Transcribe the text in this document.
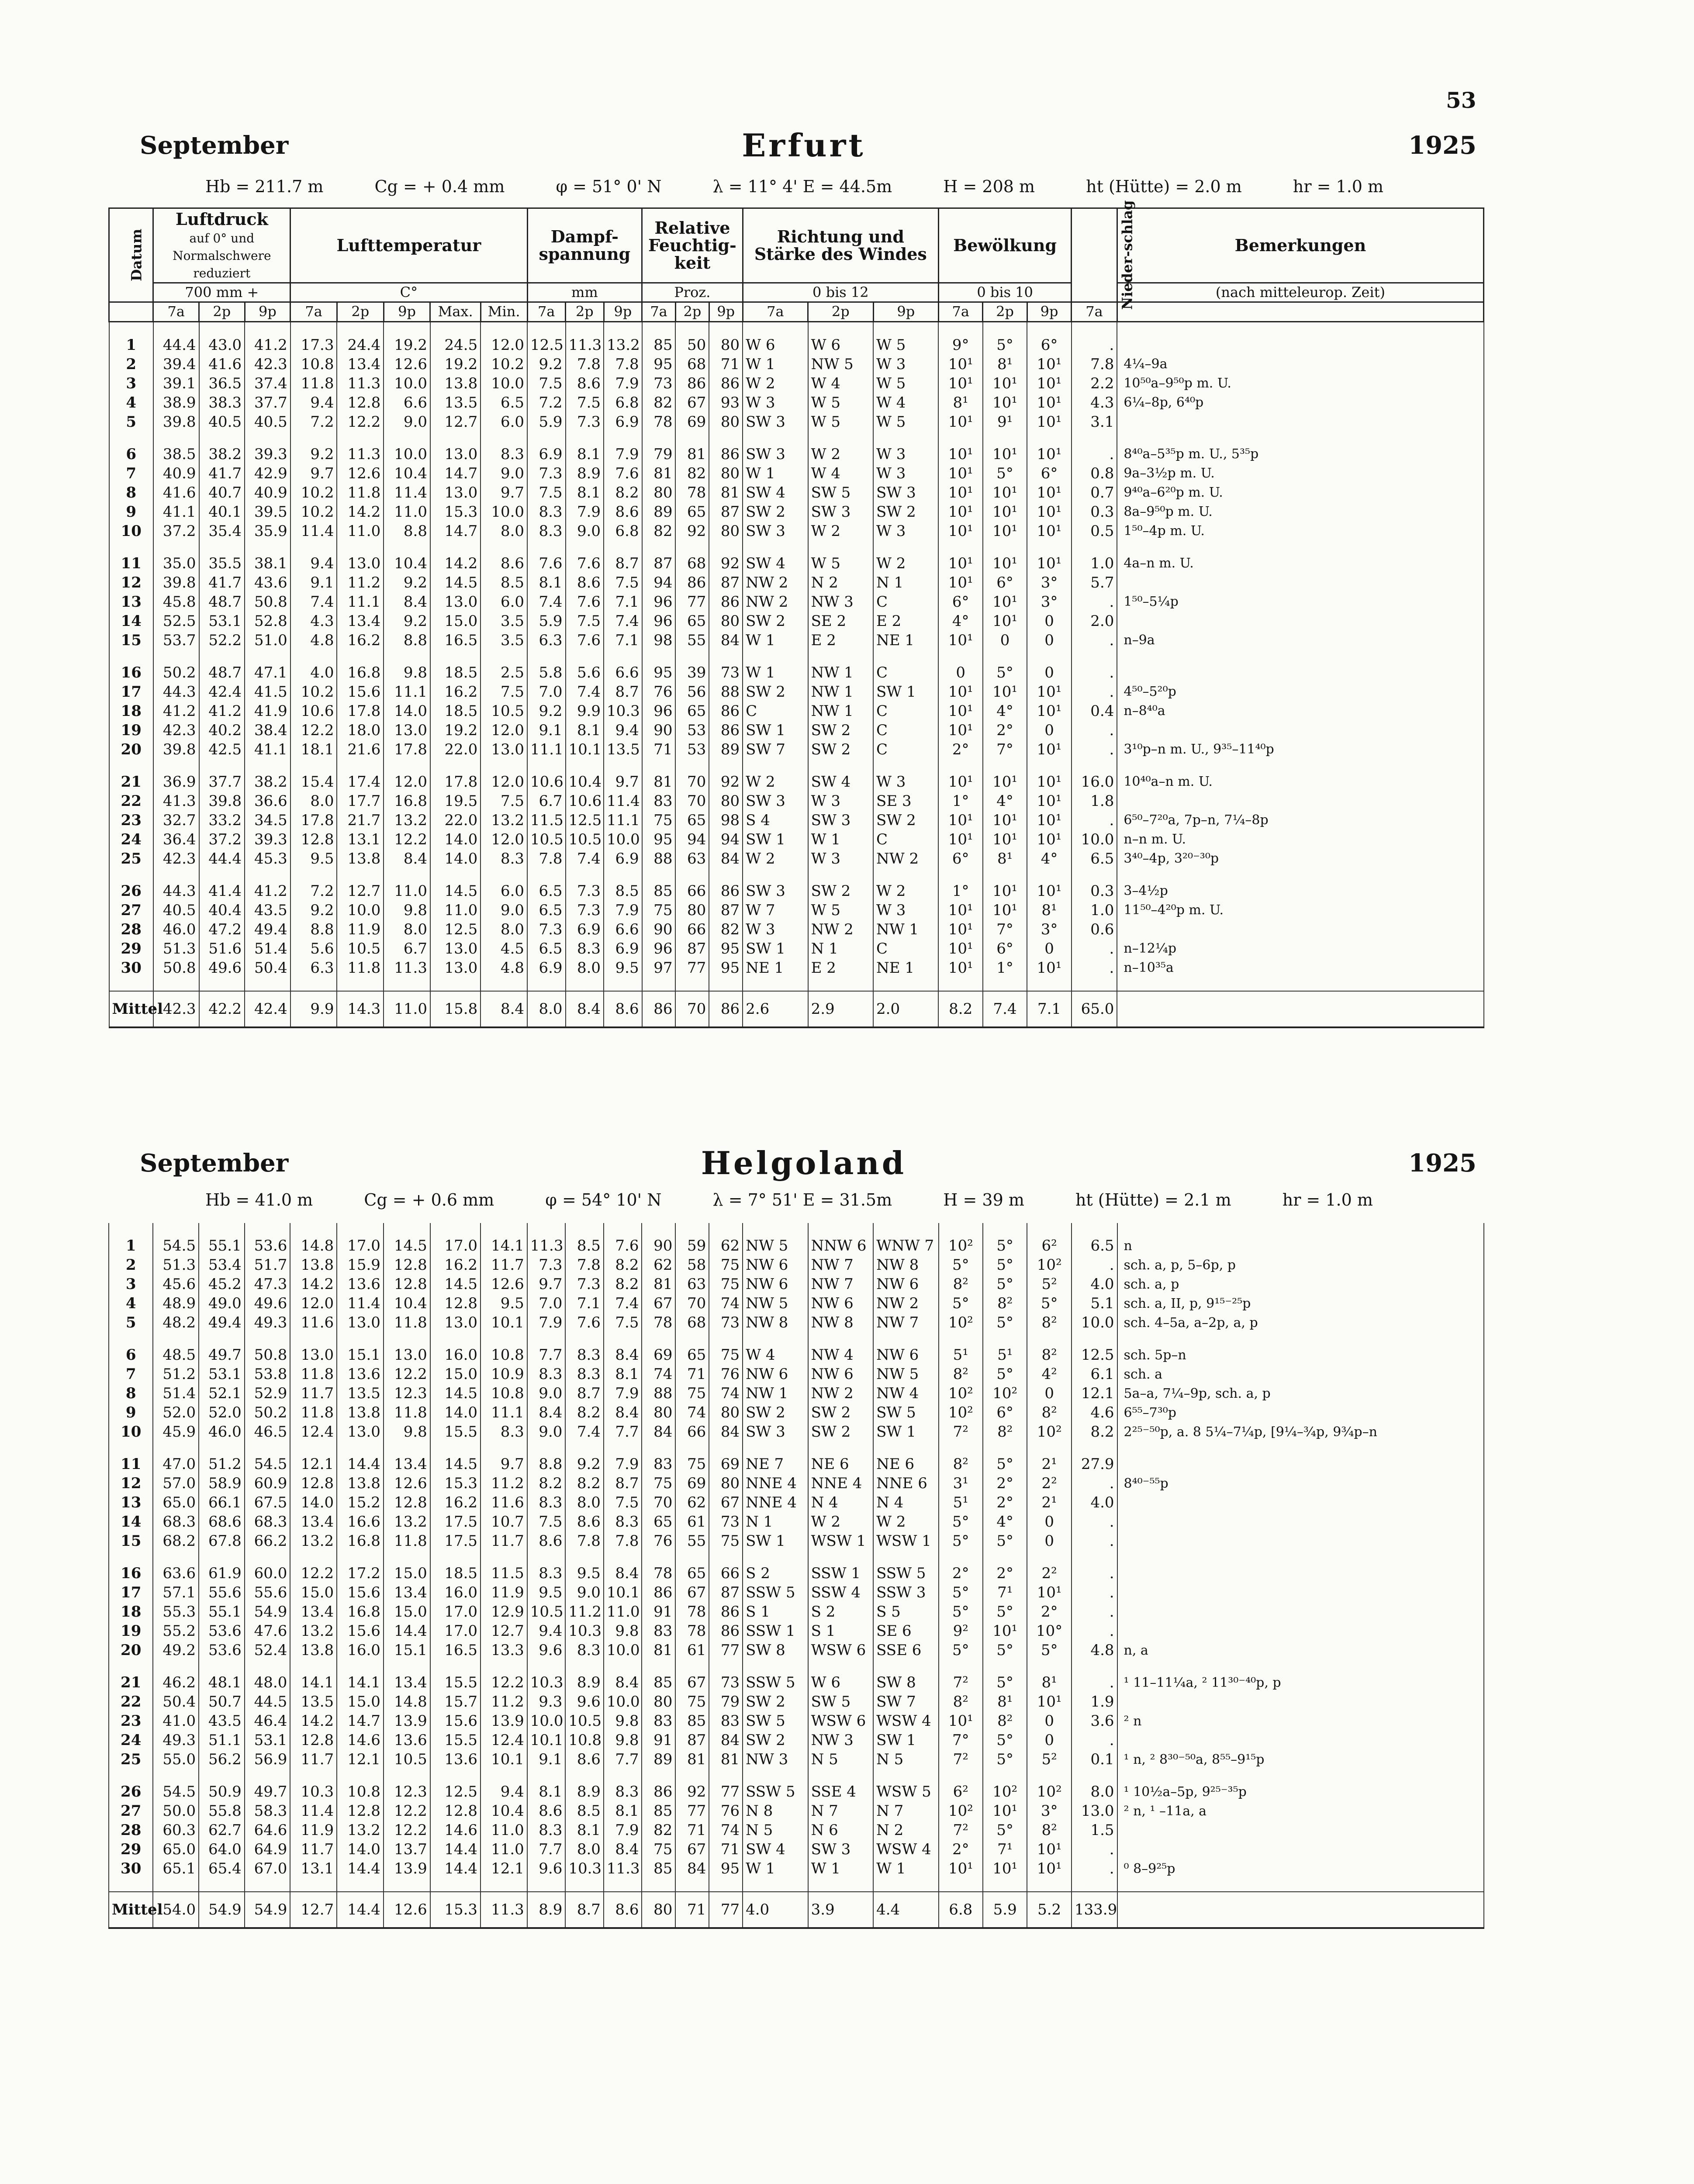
53
September	Erfurt	1925
Hb = 211.7 m	Cg = + 0.4 mm	φ = 51° 0' N	λ = 11° 4' E = 44.5m	H = 208 m	ht (Hütte) = 2.0 m	hr = 1.0 m
Datum	Luftdruck
auf 0° und Normalschwere reduziert			Lufttemperatur					Dampf-spannung			Relative Feuchtig-keit			Richtung und Stärke des Windes			Bewölkung			Nieder-schlag	Bemerkungen
	700 mm +			C°					mm			Proz.			0 bis 12			0 bis 10				(nach mitteleurop. Zeit)
	7a	2p	9p	7a	2p	9p	Max.	Min.	7a	2p	9p	7a	2p	9p	7a	2p	9p	7a	2p	9p	7a	

1	44.4	43.0	41.2	17.3	24.4	19.2	24.5	12.0	12.5	11.3	13.2	85	50	80	W 6	W 6	W 5	9°	5°	6°	.	
2	39.4	41.6	42.3	10.8	13.4	12.6	19.2	10.2	9.2	7.8	7.8	95	68	71	W 1	NW 5	W 3	10¹	8¹	10¹	7.8	4¼–9a
3	39.1	36.5	37.4	11.8	11.3	10.0	13.8	10.0	7.5	8.6	7.9	73	86	86	W 2	W 4	W 5	10¹	10¹	10¹	2.2	10⁵⁰a–9⁵⁰p m. U.
4	38.9	38.3	37.7	9.4	12.8	6.6	13.5	6.5	7.2	7.5	6.8	82	67	93	W 3	W 5	W 4	8¹	10¹	10¹	4.3	6¼–8p, 6⁴⁰p
5	39.8	40.5	40.5	7.2	12.2	9.0	12.7	6.0	5.9	7.3	6.9	78	69	80	SW 3	W 5	W 5	10¹	9¹	10¹	3.1	

6	38.5	38.2	39.3	9.2	11.3	10.0	13.0	8.3	6.9	8.1	7.9	79	81	86	SW 3	W 2	W 3	10¹	10¹	10¹	.	8⁴⁰a–5³⁵p m. U., 5³⁵p
7	40.9	41.7	42.9	9.7	12.6	10.4	14.7	9.0	7.3	8.9	7.6	81	82	80	W 1	W 4	W 3	10¹	5°	6°	0.8	9a–3½p m. U.
8	41.6	40.7	40.9	10.2	11.8	11.4	13.0	9.7	7.5	8.1	8.2	80	78	81	SW 4	SW 5	SW 3	10¹	10¹	10¹	0.7	9⁴⁰a–6²⁰p m. U.
9	41.1	40.1	39.5	10.2	14.2	11.0	15.3	10.0	8.3	7.9	8.6	89	65	87	SW 2	SW 3	SW 2	10¹	10¹	10¹	0.3	8a–9⁵⁰p m. U.
10	37.2	35.4	35.9	11.4	11.0	8.8	14.7	8.0	8.3	9.0	6.8	82	92	80	SW 3	W 2	W 3	10¹	10¹	10¹	0.5	1⁵⁰–4p m. U.

11	35.0	35.5	38.1	9.4	13.0	10.4	14.2	8.6	7.6	7.6	8.7	87	68	92	SW 4	W 5	W 2	10¹	10¹	10¹	1.0	4a–n m. U.
12	39.8	41.7	43.6	9.1	11.2	9.2	14.5	8.5	8.1	8.6	7.5	94	86	87	NW 2	N 2	N 1	10¹	6°	3°	5.7	
13	45.8	48.7	50.8	7.4	11.1	8.4	13.0	6.0	7.4	7.6	7.1	96	77	86	NW 2	NW 3	C	6°	10¹	3°	.	1⁵⁰–5¼p
14	52.5	53.1	52.8	4.3	13.4	9.2	15.0	3.5	5.9	7.5	7.4	96	65	80	SW 2	SE 2	E 2	4°	10¹	0	2.0	
15	53.7	52.2	51.0	4.8	16.2	8.8	16.5	3.5	6.3	7.6	7.1	98	55	84	W 1	E 2	NE 1	10¹	0	0	.	n–9a

16	50.2	48.7	47.1	4.0	16.8	9.8	18.5	2.5	5.8	5.6	6.6	95	39	73	W 1	NW 1	C	0	5°	0	.	
17	44.3	42.4	41.5	10.2	15.6	11.1	16.2	7.5	7.0	7.4	8.7	76	56	88	SW 2	NW 1	SW 1	10¹	10¹	10¹	.	4⁵⁰–5²⁰p
18	41.2	41.2	41.9	10.6	17.8	14.0	18.5	10.5	9.2	9.9	10.3	96	65	86	C	NW 1	C	10¹	4°	10¹	0.4	n–8⁴⁰a
19	42.3	40.2	38.4	12.2	18.0	13.0	19.2	12.0	9.1	8.1	9.4	90	53	86	SW 1	SW 2	C	10¹	2°	0	.	
20	39.8	42.5	41.1	18.1	21.6	17.8	22.0	13.0	11.1	10.1	13.5	71	53	89	SW 7	SW 2	C	2°	7°	10¹	.	3¹⁰p–n m. U., 9³⁵–11⁴⁰p

21	36.9	37.7	38.2	15.4	17.4	12.0	17.8	12.0	10.6	10.4	9.7	81	70	92	W 2	SW 4	W 3	10¹	10¹	10¹	16.0	10⁴⁰a–n m. U.
22	41.3	39.8	36.6	8.0	17.7	16.8	19.5	7.5	6.7	10.6	11.4	83	70	80	SW 3	W 3	SE 3	1°	4°	10¹	1.8	
23	32.7	33.2	34.5	17.8	21.7	13.2	22.0	13.2	11.5	12.5	11.1	75	65	98	S 4	SW 3	SW 2	10¹	10¹	10¹	.	6⁵⁰–7²⁰a, 7p–n, 7¼–8p
24	36.4	37.2	39.3	12.8	13.1	12.2	14.0	12.0	10.5	10.5	10.0	95	94	94	SW 1	W 1	C	10¹	10¹	10¹	10.0	n–n m. U.
25	42.3	44.4	45.3	9.5	13.8	8.4	14.0	8.3	7.8	7.4	6.9	88	63	84	W 2	W 3	NW 2	6°	8¹	4°	6.5	3⁴⁰–4p, 3²⁰⁻³⁰p

26	44.3	41.4	41.2	7.2	12.7	11.0	14.5	6.0	6.5	7.3	8.5	85	66	86	SW 3	SW 2	W 2	1°	10¹	10¹	0.3	3–4½p
27	40.5	40.4	43.5	9.2	10.0	9.8	11.0	9.0	6.5	7.3	7.9	75	80	87	W 7	W 5	W 3	10¹	10¹	8¹	1.0	11⁵⁰–4²⁰p m. U.
28	46.0	47.2	49.4	8.8	11.9	8.0	12.5	8.0	7.3	6.9	6.6	90	66	82	W 3	NW 2	NW 1	10¹	7°	3°	0.6	
29	51.3	51.6	51.4	5.6	10.5	6.7	13.0	4.5	6.5	8.3	6.9	96	87	95	SW 1	N 1	C	10¹	6°	0	.	n–12¼p
30	50.8	49.6	50.4	6.3	11.8	11.3	13.0	4.8	6.9	8.0	9.5	97	77	95	NE 1	E 2	NE 1	10¹	1°	10¹	.	n–10³⁵a

Mittel	42.3	42.2	42.4	9.9	14.3	11.0	15.8	8.4	8.0	8.4	8.6	86	70	86	2.6	2.9	2.0	8.2	7.4	7.1	65.0	
September	Helgoland	1925
Hb = 41.0 m	Cg = + 0.6 mm	φ = 54° 10' N	λ = 7° 51' E = 31.5m	H = 39 m	ht (Hütte) = 2.1 m	hr = 1.0 m

1	54.5	55.1	53.6	14.8	17.0	14.5	17.0	14.1	11.3	8.5	7.6	90	59	62	NW 5	NNW 6	WNW 7	10²	5°	6²	6.5	n
2	51.3	53.4	51.7	13.8	15.9	12.8	16.2	11.7	7.3	7.8	8.2	62	58	75	NW 6	NW 7	NW 8	5°	5°	10²	.	sch. a, p, 5–6p, p
3	45.6	45.2	47.3	14.2	13.6	12.8	14.5	12.6	9.7	7.3	8.2	81	63	75	NW 6	NW 7	NW 6	8²	5°	5²	4.0	sch. a, p
4	48.9	49.0	49.6	12.0	11.4	10.4	12.8	9.5	7.0	7.1	7.4	67	70	74	NW 5	NW 6	NW 2	5°	8²	5°	5.1	sch. a, II, p, 9¹⁵⁻²⁵p
5	48.2	49.4	49.3	11.6	13.0	11.8	13.0	10.1	7.9	7.6	7.5	78	68	73	NW 8	NW 8	NW 7	10²	5°	8²	10.0	sch. 4–5a, a–2p, a, p

6	48.5	49.7	50.8	13.0	15.1	13.0	16.0	10.8	7.7	8.3	8.4	69	65	75	W 4	NW 4	NW 6	5¹	5¹	8²	12.5	sch. 5p–n
7	51.2	53.1	53.8	11.8	13.6	12.2	15.0	10.9	8.3	8.3	8.1	74	71	76	NW 6	NW 6	NW 5	8²	5°	4²	6.1	sch. a
8	51.4	52.1	52.9	11.7	13.5	12.3	14.5	10.8	9.0	8.7	7.9	88	75	74	NW 1	NW 2	NW 4	10²	10²	0	12.1	5a–a, 7¼–9p, sch. a, p
9	52.0	52.0	50.2	11.8	13.8	11.8	14.0	11.1	8.4	8.2	8.4	80	74	80	SW 2	SW 2	SW 5	10²	6°	8²	4.6	6⁵⁵–7³⁰p
10	45.9	46.0	46.5	12.4	13.0	9.8	15.5	8.3	9.0	7.4	7.7	84	66	84	SW 3	SW 2	SW 1	7²	8²	10²	8.2	2²⁵⁻⁵⁰p, a. 8 5¼–7¼p, [9¼–¾p, 9¾p–n

11	47.0	51.2	54.5	12.1	14.4	13.4	14.5	9.7	8.8	9.2	7.9	83	75	69	NE 7	NE 6	NE 6	8²	5°	2¹	27.9	
12	57.0	58.9	60.9	12.8	13.8	12.6	15.3	11.2	8.2	8.2	8.7	75	69	80	NNE 4	NNE 4	NNE 6	3¹	2°	2²	.	8⁴⁰⁻⁵⁵p
13	65.0	66.1	67.5	14.0	15.2	12.8	16.2	11.6	8.3	8.0	7.5	70	62	67	NNE 4	N 4	N 4	5¹	2°	2¹	4.0	
14	68.3	68.6	68.3	13.4	16.6	13.2	17.5	10.7	7.5	8.6	8.3	65	61	73	N 1	W 2	W 2	5°	4°	0	.	
15	68.2	67.8	66.2	13.2	16.8	11.8	17.5	11.7	8.6	7.8	7.8	76	55	75	SW 1	WSW 1	WSW 1	5°	5°	0	.	

16	63.6	61.9	60.0	12.2	17.2	15.0	18.5	11.5	8.3	9.5	8.4	78	65	66	S 2	SSW 1	SSW 5	2°	2°	2²	.	
17	57.1	55.6	55.6	15.0	15.6	13.4	16.0	11.9	9.5	9.0	10.1	86	67	87	SSW 5	SSW 4	SSW 3	5°	7¹	10¹	.	
18	55.3	55.1	54.9	13.4	16.8	15.0	17.0	12.9	10.5	11.2	11.0	91	78	86	S 1	S 2	S 5	5°	5°	2°	.	
19	55.2	53.6	47.6	13.2	15.6	14.4	17.0	12.7	9.4	10.3	9.8	83	78	86	SSW 1	S 1	SE 6	9²	10¹	10°	.	
20	49.2	53.6	52.4	13.8	16.0	15.1	16.5	13.3	9.6	8.3	10.0	81	61	77	SW 8	WSW 6	SSE 6	5°	5°	5°	4.8	n, a

21	46.2	48.1	48.0	14.1	14.1	13.4	15.5	12.2	10.3	8.9	8.4	85	67	73	SSW 5	W 6	SW 8	7²	5°	8¹	.	¹ 11–11¼a, ² 11³⁰⁻⁴⁰p, p
22	50.4	50.7	44.5	13.5	15.0	14.8	15.7	11.2	9.3	9.6	10.0	80	75	79	SW 2	SW 5	SW 7	8²	8¹	10¹	1.9	
23	41.0	43.5	46.4	14.2	14.7	13.9	15.6	13.9	10.0	10.5	9.8	83	85	83	SW 5	WSW 6	WSW 4	10¹	8²	0	3.6	² n
24	49.3	51.1	53.1	12.8	14.6	13.6	15.5	12.4	10.1	10.8	9.8	91	87	84	SW 2	NW 3	SW 1	7°	5°	0	.	
25	55.0	56.2	56.9	11.7	12.1	10.5	13.6	10.1	9.1	8.6	7.7	89	81	81	NW 3	N 5	N 5	7²	5°	5²	0.1	¹ n, ² 8³⁰⁻⁵⁰a, 8⁵⁵–9¹⁵p

26	54.5	50.9	49.7	10.3	10.8	12.3	12.5	9.4	8.1	8.9	8.3	86	92	77	SSW 5	SSE 4	WSW 5	6²	10²	10²	8.0	¹ 10½a–5p, 9²⁵⁻³⁵p
27	50.0	55.8	58.3	11.4	12.8	12.2	12.8	10.4	8.6	8.5	8.1	85	77	76	N 8	N 7	N 7	10²	10¹	3°	13.0	² n, ¹ –11a, a
28	60.3	62.7	64.6	11.9	13.2	12.2	14.6	11.0	8.3	8.1	7.9	82	71	74	N 5	N 6	N 2	7²	5°	8²	1.5	
29	65.0	64.0	64.9	11.7	14.0	13.7	14.4	11.0	7.7	8.0	8.4	75	67	71	SW 4	SW 3	WSW 4	2°	7¹	10¹	.	
30	65.1	65.4	67.0	13.1	14.4	13.9	14.4	12.1	9.6	10.3	11.3	85	84	95	W 1	W 1	W 1	10¹	10¹	10¹	.	⁰ 8–9²⁵p

Mittel	54.0	54.9	54.9	12.7	14.4	12.6	15.3	11.3	8.9	8.7	8.6	80	71	77	4.0	3.9	4.4	6.8	5.9	5.2	133.9	
